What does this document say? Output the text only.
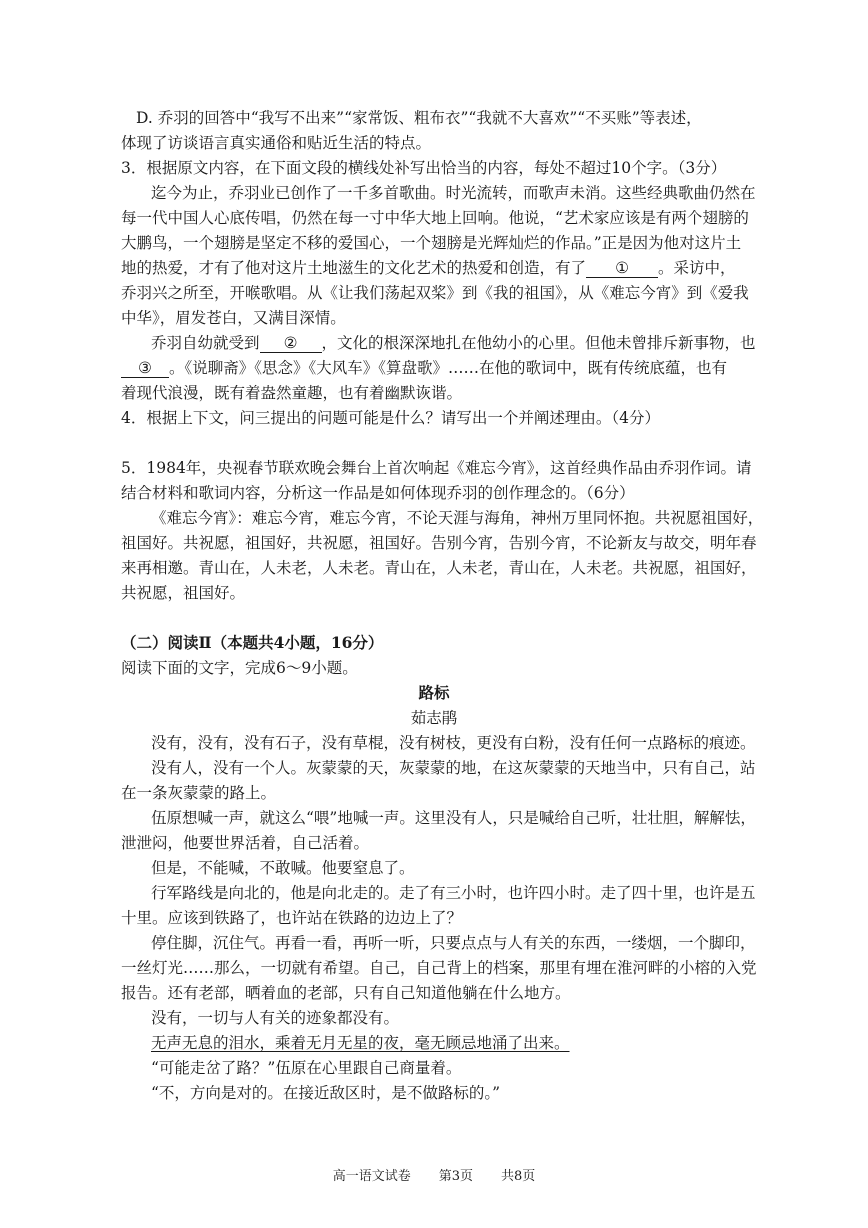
D. 乔羽的回答中“我写不出来”“家常饭、粗布衣”“我就不大喜欢”“不买账”等表述，
体现了访谈语言真实通俗和贴近生活的特点。
3．根据原文内容，在下面文段的横线处补写出恰当的内容，每处不超过10个字。（3分）
迄今为止，乔羽业已创作了一千多首歌曲。时光流转，而歌声未消。这些经典歌曲仍然在
每一代中国人心底传唱，仍然在每一寸中华大地上回响。他说，“艺术家应该是有两个翅膀的
大鹏鸟，一个翅膀是坚定不移的爱国心，一个翅膀是光辉灿烂的作品。”正是因为他对这片土
地的热爱，才有了他对这片土地滋生的文化艺术的热爱和创造，有了 ① 。采访中，
乔羽兴之所至，开喉歌唱。从《让我们荡起双桨》到《我的祖国》，从《难忘今宵》到《爱我
中华》，眉发苍白，又满目深情。
乔羽自幼就受到 ② ，文化的根深深地扎在他幼小的心里。但他未曾排斥新事物，也
③ 。《说聊斋》《思念》《大风车》《算盘歌》……在他的歌词中，既有传统底蕴，也有
着现代浪漫，既有着盎然童趣，也有着幽默诙谐。
4．根据上下文，问三提出的问题可能是什么？请写出一个并阐述理由。（4分）
5．1984年，央视春节联欢晚会舞台上首次响起《难忘今宵》，这首经典作品由乔羽作词。请
结合材料和歌词内容，分析这一作品是如何体现乔羽的创作理念的。（6分）
《难忘今宵》：难忘今宵，难忘今宵，不论天涯与海角，神州万里同怀抱。共祝愿祖国好，
祖国好。共祝愿，祖国好，共祝愿，祖国好。告别今宵，告别今宵，不论新友与故交，明年春
来再相邀。青山在，人未老，人未老。青山在，人未老，青山在，人未老。共祝愿，祖国好，
共祝愿，祖国好。
（二）阅读Ⅱ（本题共4小题，16分）
阅读下面的文字，完成6～9小题。
路标
茹志鹃
没有，没有，没有石子，没有草棍，没有树枝，更没有白粉，没有任何一点路标的痕迹。
没有人，没有一个人。灰蒙蒙的天，灰蒙蒙的地，在这灰蒙蒙的天地当中，只有自己，站
在一条灰蒙蒙的路上。
伍原想喊一声，就这么“喂”地喊一声。这里没有人，只是喊给自己听，壮壮胆，解解怯，
泄泄闷，他要世界活着，自己活着。
但是，不能喊，不敢喊。他要窒息了。
行军路线是向北的，他是向北走的。走了有三小时，也许四小时。走了四十里，也许是五
十里。应该到铁路了，也许站在铁路的边边上了？
停住脚，沉住气。再看一看，再听一听，只要点点与人有关的东西，一缕烟，一个脚印，
一丝灯光……那么，一切就有希望。自己，自己背上的档案，那里有埋在淮河畔的小榕的入党
报告。还有老部，晒着血的老部，只有自己知道他躺在什么地方。
没有，一切与人有关的迹象都没有。
无声无息的泪水，乘着无月无星的夜，毫无顾忌地涌了出来。
“可能走岔了路？”伍原在心里跟自己商量着。
“不，方向是对的。在接近敌区时，是不做路标的。”
高一语文试卷 第3页 共8页
